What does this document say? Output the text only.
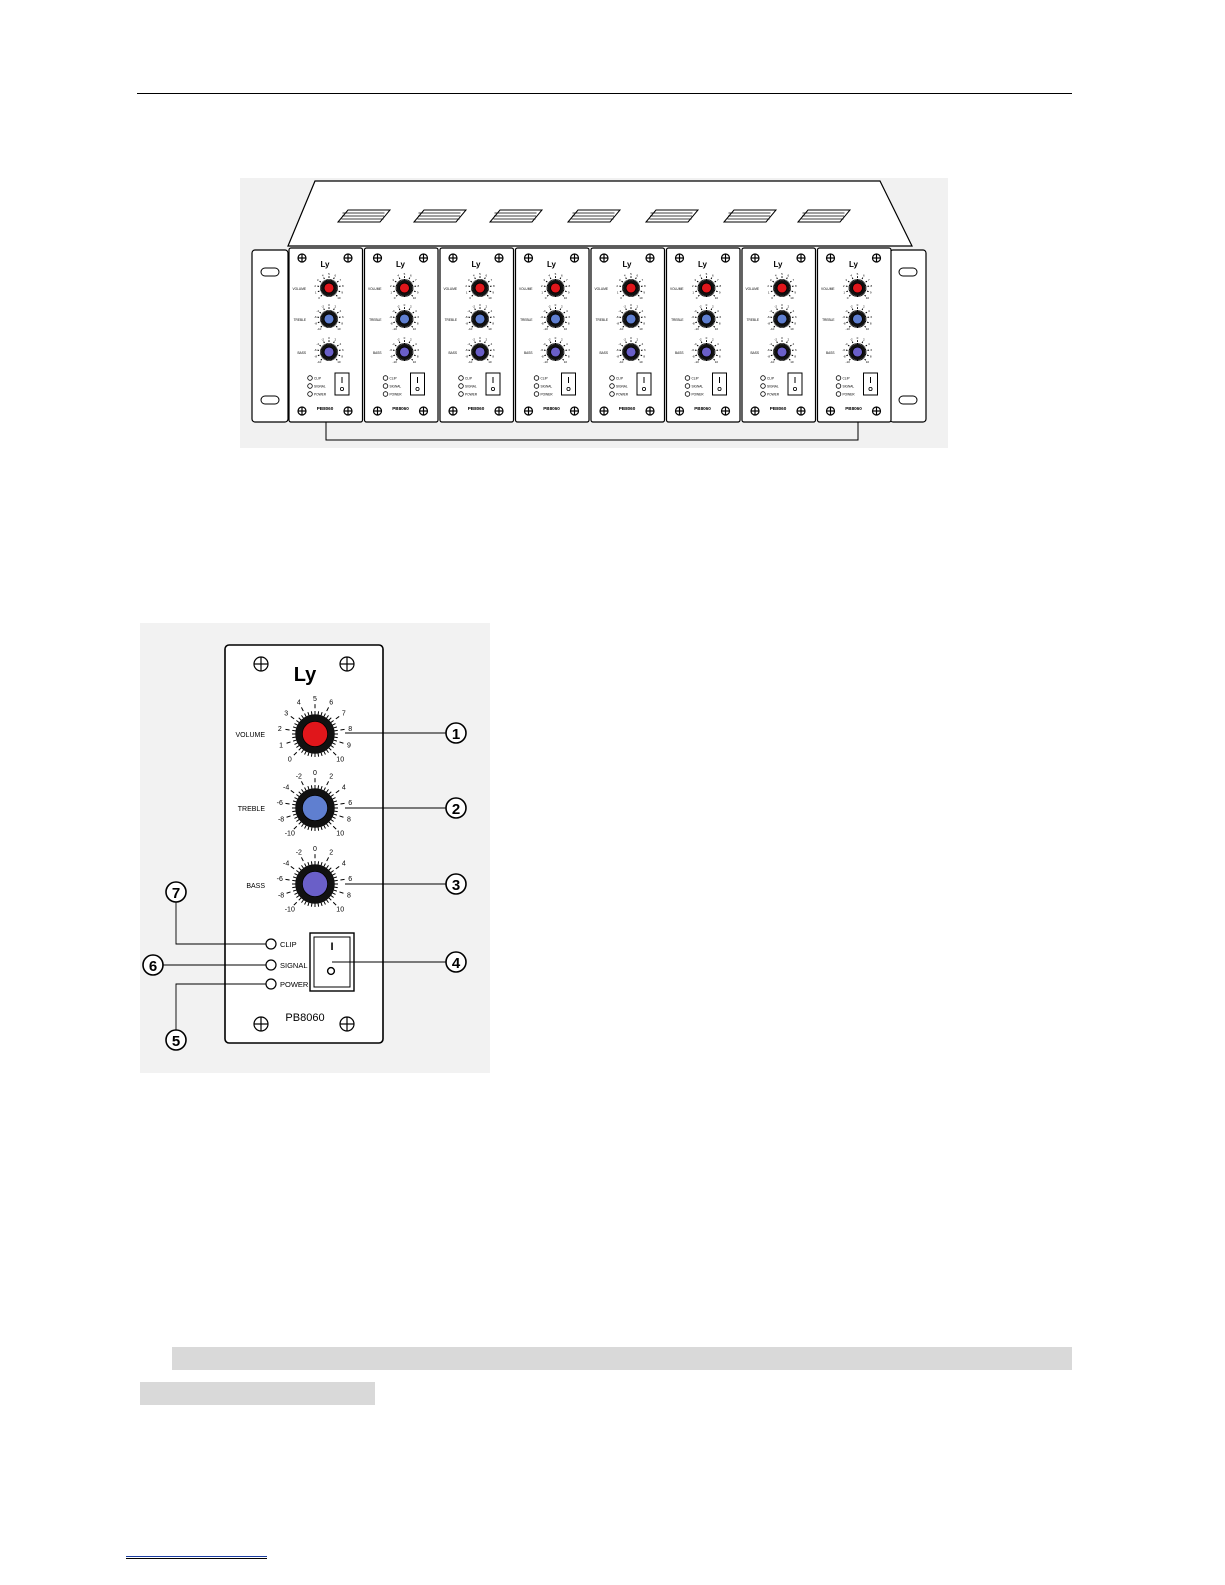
Ly
VOLUME
0
1
2
3
4 5 6
7
8
9
10
TREBLE
-10
-8
-6
-4
-2 0 2
4
6
8
10
BASS
-10
-8
-6
-4
-2 0 2
4
6
8
10
CLIP
SIGNAL
POWER
PB8060
Ly
VOLUME
0
1
2
3
4 5 6
7
8
9
10
TREBLE
-10
-8
-6
-4
-2 0 2
4
6
8
10
BASS
-10
-8
-6
-4
-2 0 2
4
6
8
10
CLIP
SIGNAL
POWER
PB8060
Ly
VOLUME
0
1
2
3
4 5 6
7
8
9
10
TREBLE
-10
-8
-6
-4
-2 0 2
4
6
8
10
BASS
-10
-8
-6
-4
-2 0 2
4
6
8
10
CLIP
SIGNAL
POWER
PB8060
Ly
VOLUME
0
1
2
3
4 5 6
7
8
9
10
TREBLE
-10
-8
-6
-4
-2 0 2
4
6
8
10
BASS
-10
-8
-6
-4
-2 0 2
4
6
8
10
CLIP
SIGNAL
POWER
PB8060
Ly
VOLUME
0
1
2
3
4 5 6
7
8
9
10
TREBLE
-10
-8
-6
-4
-2 0 2
4
6
8
10
BASS
-10
-8
-6
-4
-2 0 2
4
6
8
10
CLIP
SIGNAL
POWER
PB8060
Ly
VOLUME
0
1
2
3
4 5 6
7
8
9
10
TREBLE
-10
-8
-6
-4
-2 0 2
4
6
8
10
BASS
-10
-8
-6
-4
-2 0 2
4
6
8
10
CLIP
SIGNAL
POWER
PB8060
Ly
VOLUME
0
1
2
3
4 5 6
7
8
9
10
TREBLE
-10
-8
-6
-4
-2 0 2
4
6
8
10
BASS
-10
-8
-6
-4
-2 0 2
4
6
8
10
CLIP
SIGNAL
POWER
PB8060
Ly
VOLUME
0
1
2
3
4 5 6
7
8
9
10
TREBLE
-10
-8
-6
-4
-2 0 2
4
6
8
10
BASS
-10
-8
-6
-4
-2 0 2
4
6
8
10
CLIP
SIGNAL
POWER
PB8060
Ly
VOLUME
0
1
2
3
4
5
6
7
8
9
10
TREBLE
-10
-8
-6
-4
-2
0
2
4
6
8
10
BASS
-10
-8
-6
-4
-2
0
2
4
6
8
10
CLIP
SIGNAL
POWER
I
PB8060
1
2
3
4
5
6
7
